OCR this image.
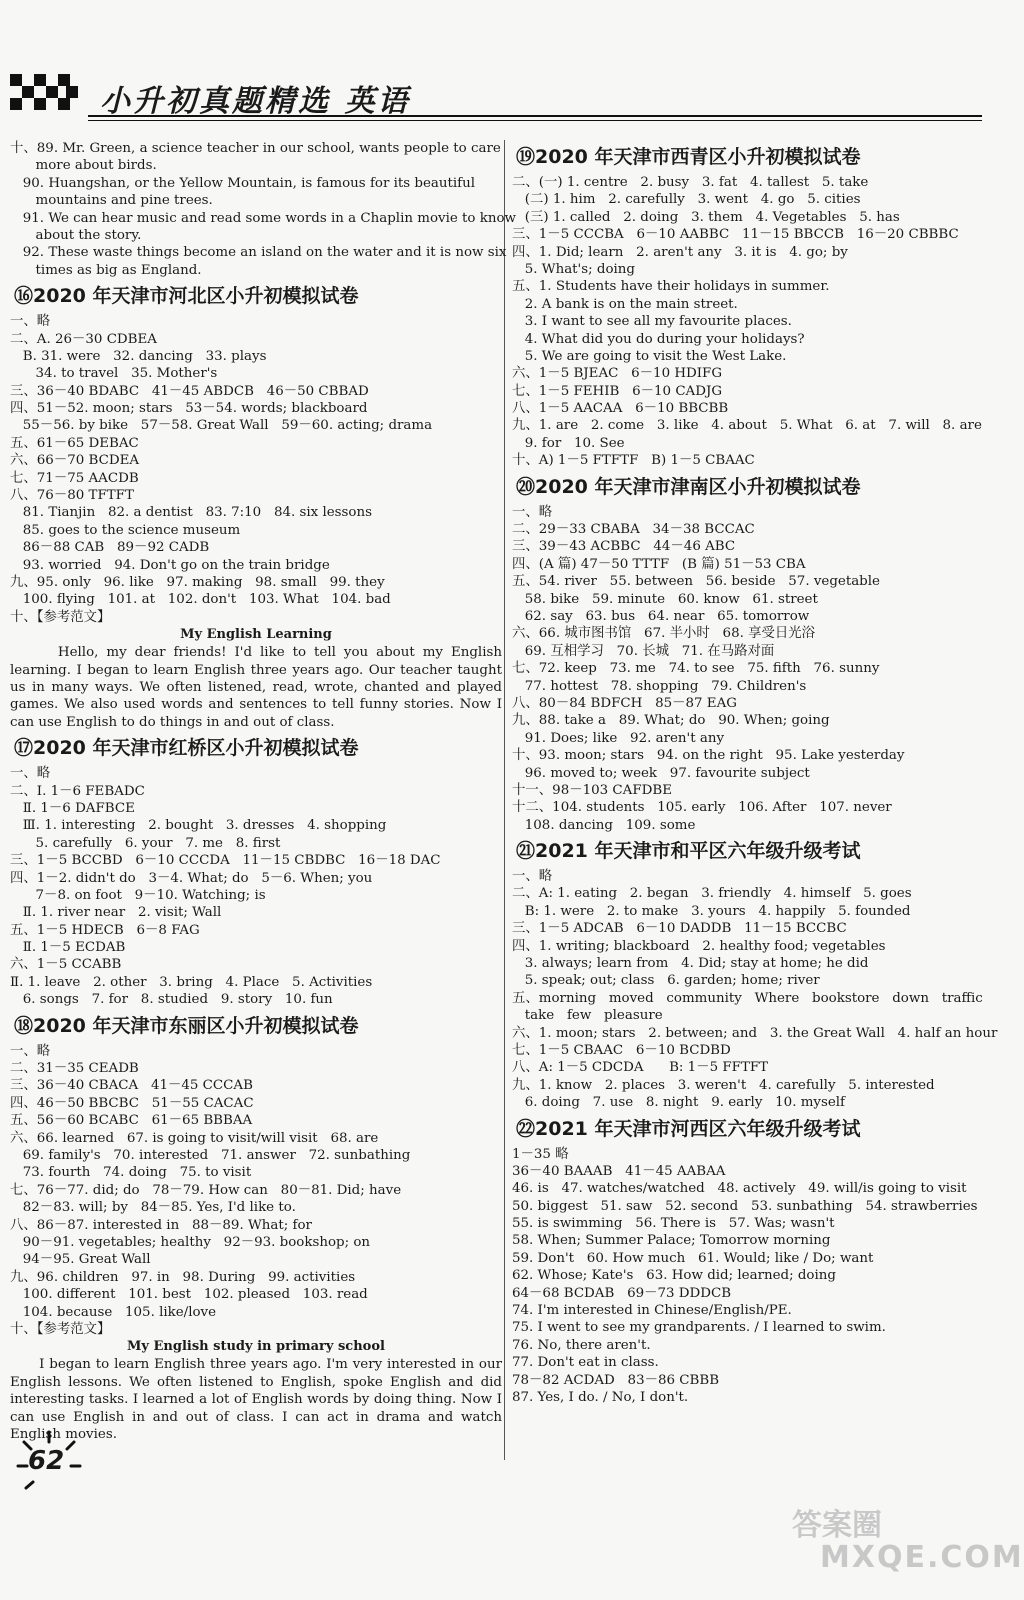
小升初真题精选 英语
十、89. Mr. Green, a science teacher in our school, wants people to care
more about birds.
90. Huangshan, or the Yellow Mountain, is famous for its beautiful
mountains and pine trees.
91. We can hear music and read some words in a Chaplin movie to know
about the story.
92. These waste things become an island on the water and it is now six
times as big as England.
⑯2020 年天津市河北区小升初模拟试卷
一、略
二、A. 26－30 CDBEA
B. 31. were   32. dancing   33. plays
34. to travel   35. Mother's
三、36－40 BDABC   41－45 ABDCB   46－50 CBBAD
四、51－52. moon; stars   53－54. words; blackboard
55－56. by bike   57－58. Great Wall   59－60. acting; drama
五、61－65 DEBAC
六、66－70 BCDEA
七、71－75 AACDB
八、76－80 TFTFT
81. Tianjin   82. a dentist   83. 7:10   84. six lessons
85. goes to the science museum
86－88 CAB   89－92 CADB
93. worried   94. Don't go on the train bridge
九、95. only   96. like   97. making   98. small   99. they
100. flying   101. at   102. don't   103. What   104. bad
十、【参考范文】
My English Learning
Hello, my dear friends! I'd like to tell you about my English learning. I began to learn English three years ago. Our teacher taught us in many ways. We often listened, read, wrote, chanted and played games. We also used words and sentences to tell funny stories. Now I can use English to do things in and out of class.
⑰2020 年天津市红桥区小升初模拟试卷
一、略
二、Ⅰ. 1－6 FEBADC
Ⅱ. 1－6 DAFBCE
Ⅲ. 1. interesting   2. bought   3. dresses   4. shopping
5. carefully   6. your   7. me   8. first
三、1－5 BCCBD   6－10 CCCDA   11－15 CBDBC   16－18 DAC
四、1－2. didn't do   3－4. What; do   5－6. When; you
7－8. on foot   9－10. Watching; is
Ⅱ. 1. river near   2. visit; Wall
五、1－5 HDECB   6－8 FAG
Ⅱ. 1－5 ECDAB
六、1－5 CCABB
Ⅱ. 1. leave   2. other   3. bring   4. Place   5. Activities
6. songs   7. for   8. studied   9. story   10. fun
⑱2020 年天津市东丽区小升初模拟试卷
一、略
二、31－35 CEADB
三、36－40 CBACA   41－45 CCCAB
四、46－50 BBCBC   51－55 CACAC
五、56－60 BCABC   61－65 BBBAA
六、66. learned   67. is going to visit/will visit   68. are
69. family's   70. interested   71. answer   72. sunbathing
73. fourth   74. doing   75. to visit
七、76－77. did; do   78－79. How can   80－81. Did; have
82－83. will; by   84－85. Yes, I'd like to.
八、86－87. interested in   88－89. What; for
90－91. vegetables; healthy   92－93. bookshop; on
94－95. Great Wall
九、96. children   97. in   98. During   99. activities
100. different   101. best   102. pleased   103. read
104. because   105. like/love
十、【参考范文】
My English study in primary school
I began to learn English three years ago. I'm very interested in our English lessons. We often listened to English, spoke English and did interesting tasks. I learned a lot of English words by doing thing. Now I can use English in and out of class. I can act in drama and watch English movies.
⑲2020 年天津市西青区小升初模拟试卷
二、(一) 1. centre   2. busy   3. fat   4. tallest   5. take
(二) 1. him   2. carefully   3. went   4. go   5. cities
(三) 1. called   2. doing   3. them   4. Vegetables   5. has
三、1－5 CCCBA   6－10 AABBC   11－15 BBCCB   16－20 CBBBC
四、1. Did; learn   2. aren't any   3. it is   4. go; by
5. What's; doing
五、1. Students have their holidays in summer.
2. A bank is on the main street.
3. I want to see all my favourite places.
4. What did you do during your holidays?
5. We are going to visit the West Lake.
六、1－5 BJEAC   6－10 HDIFG
七、1－5 FEHIB   6－10 CADJG
八、1－5 AACAA   6－10 BBCBB
九、1. are   2. come   3. like   4. about   5. What   6. at   7. will   8. are
9. for   10. See
十、A) 1－5 FTFTF   B) 1－5 CBAAC
⑳2020 年天津市津南区小升初模拟试卷
一、略
二、29－33 CBABA   34－38 BCCAC
三、39－43 ACBBC   44－46 ABC
四、(A 篇) 47－50 TTTF   (B 篇) 51－53 CBA
五、54. river   55. between   56. beside   57. vegetable
58. bike   59. minute   60. know   61. street
62. say   63. bus   64. near   65. tomorrow
六、66. 城市图书馆   67. 半小时   68. 享受日光浴
69. 互相学习   70. 长城   71. 在马路对面
七、72. keep   73. me   74. to see   75. fifth   76. sunny
77. hottest   78. shopping   79. Children's
八、80－84 BDFCH   85－87 EAG
九、88. take a   89. What; do   90. When; going
91. Does; like   92. aren't any
十、93. moon; stars   94. on the right   95. Lake yesterday
96. moved to; week   97. favourite subject
十一、98－103 CAFDBE
十二、104. students   105. early   106. After   107. never
108. dancing   109. some
㉑2021 年天津市和平区六年级升级考试
一、略
二、A: 1. eating   2. began   3. friendly   4. himself   5. goes
B: 1. were   2. to make   3. yours   4. happily   5. founded
三、1－5 ADCAB   6－10 DADDB   11－15 BCCBC
四、1. writing; blackboard   2. healthy food; vegetables
3. always; learn from   4. Did; stay at home; he did
5. speak; out; class   6. garden; home; river
五、morning   moved   community   Where   bookstore   down   traffic
take   few   pleasure
六、1. moon; stars   2. between; and   3. the Great Wall   4. half an hour
七、1－5 CBAAC   6－10 BCDBD
八、A: 1－5 CDCDA      B: 1－5 FFTFT
九、1. know   2. places   3. weren't   4. carefully   5. interested
6. doing   7. use   8. night   9. early   10. myself
㉒2021 年天津市河西区六年级升级考试
1－35 略
36－40 BAAAB   41－45 AABAA
46. is   47. watches/watched   48. actively   49. will/is going to visit
50. biggest   51. saw   52. second   53. sunbathing   54. strawberries
55. is swimming   56. There is   57. Was; wasn't
58. When; Summer Palace; Tomorrow morning
59. Don't   60. How much   61. Would; like / Do; want
62. Whose; Kate's   63. How did; learned; doing
64－68 BCDAB   69－73 DDDCB
74. I'm interested in Chinese/English/PE.
75. I went to see my grandparents. / I learned to swim.
76. No, there aren't.
77. Don't eat in class.
78－82 ACDAD   83－86 CBBB
87. Yes, I do. / No, I don't.
62
答案圈
MXQE.COM
